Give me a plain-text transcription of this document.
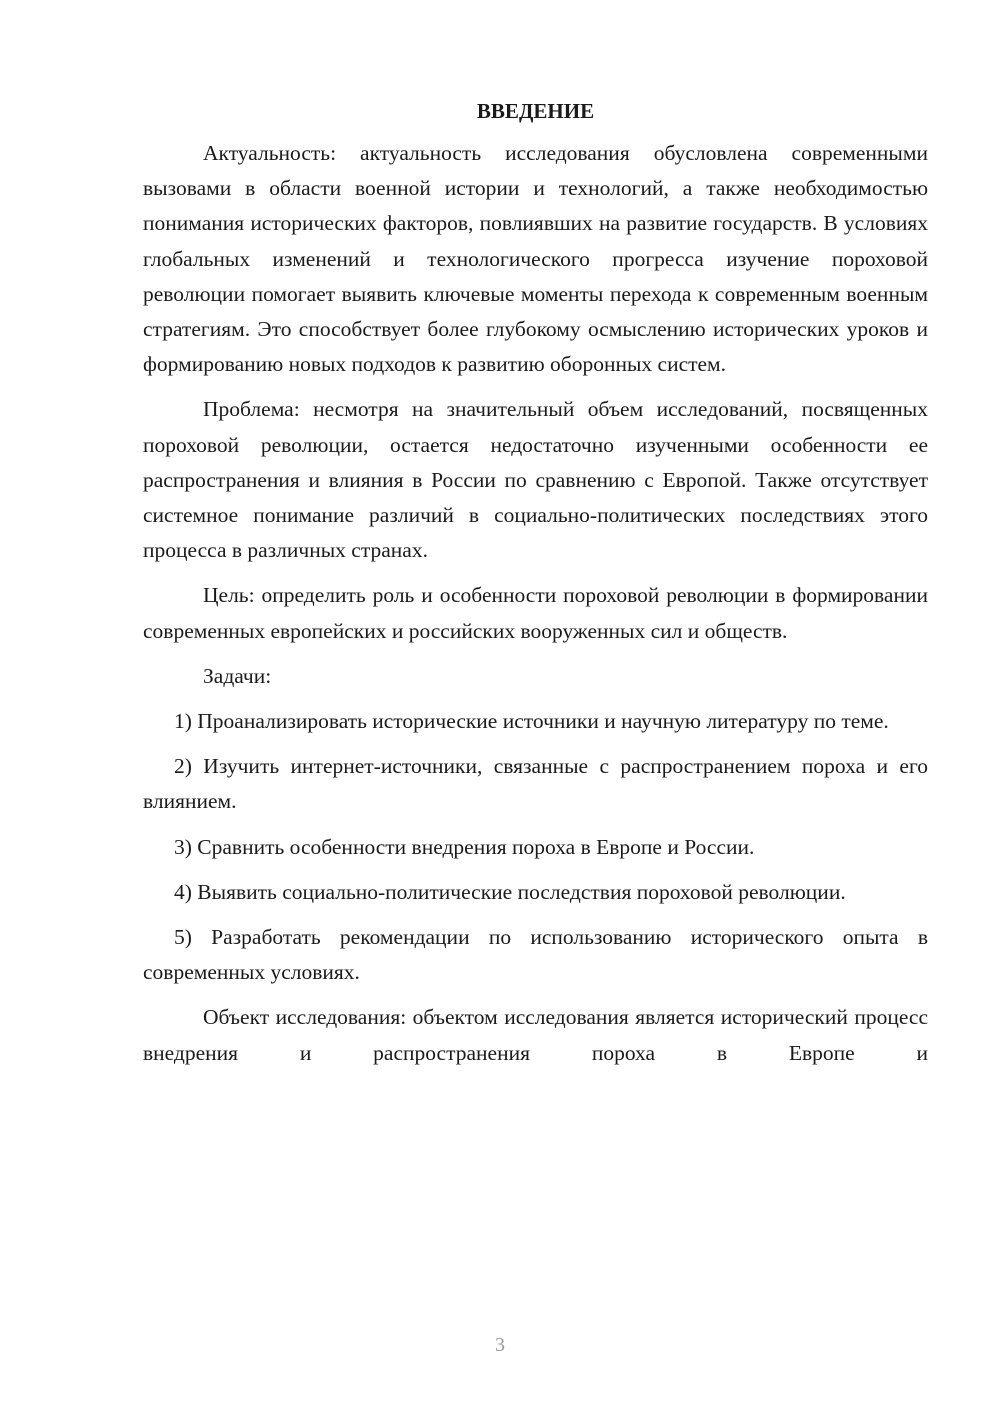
ВВЕДЕНИЕ

Актуальность: актуальность исследования обусловлена современными вызовами в области военной истории и технологий, а также необходимостью понимания исторических факторов, повлиявших на развитие государств. В условиях глобальных изменений и технологического прогресса изучение пороховой революции помогает выявить ключевые моменты перехода к современным военным стратегиям. Это способствует более глубокому осмыслению исторических уроков и формированию новых подходов к развитию оборонных систем.

Проблема: несмотря на значительный объем исследований, посвященных пороховой революции, остается недостаточно изученными особенности ее распространения и влияния в России по сравнению с Европой. Также отсутствует системное понимание различий в социально-политических последствиях этого процесса в различных странах.

Цель: определить роль и особенности пороховой революции в формировании современных европейских и российских вооруженных сил и обществ.

Задачи:

1) Проанализировать исторические источники и научную литературу по теме.

2) Изучить интернет-источники, связанные с распространением пороха и его влиянием.

3) Сравнить особенности внедрения пороха в Европе и России.

4) Выявить социально-политические последствия пороховой революции.

5) Разработать рекомендации по использованию исторического опыта в современных условиях.

Объект исследования: объектом исследования является исторический процесс внедрения и распространения пороха в Европе и

3
